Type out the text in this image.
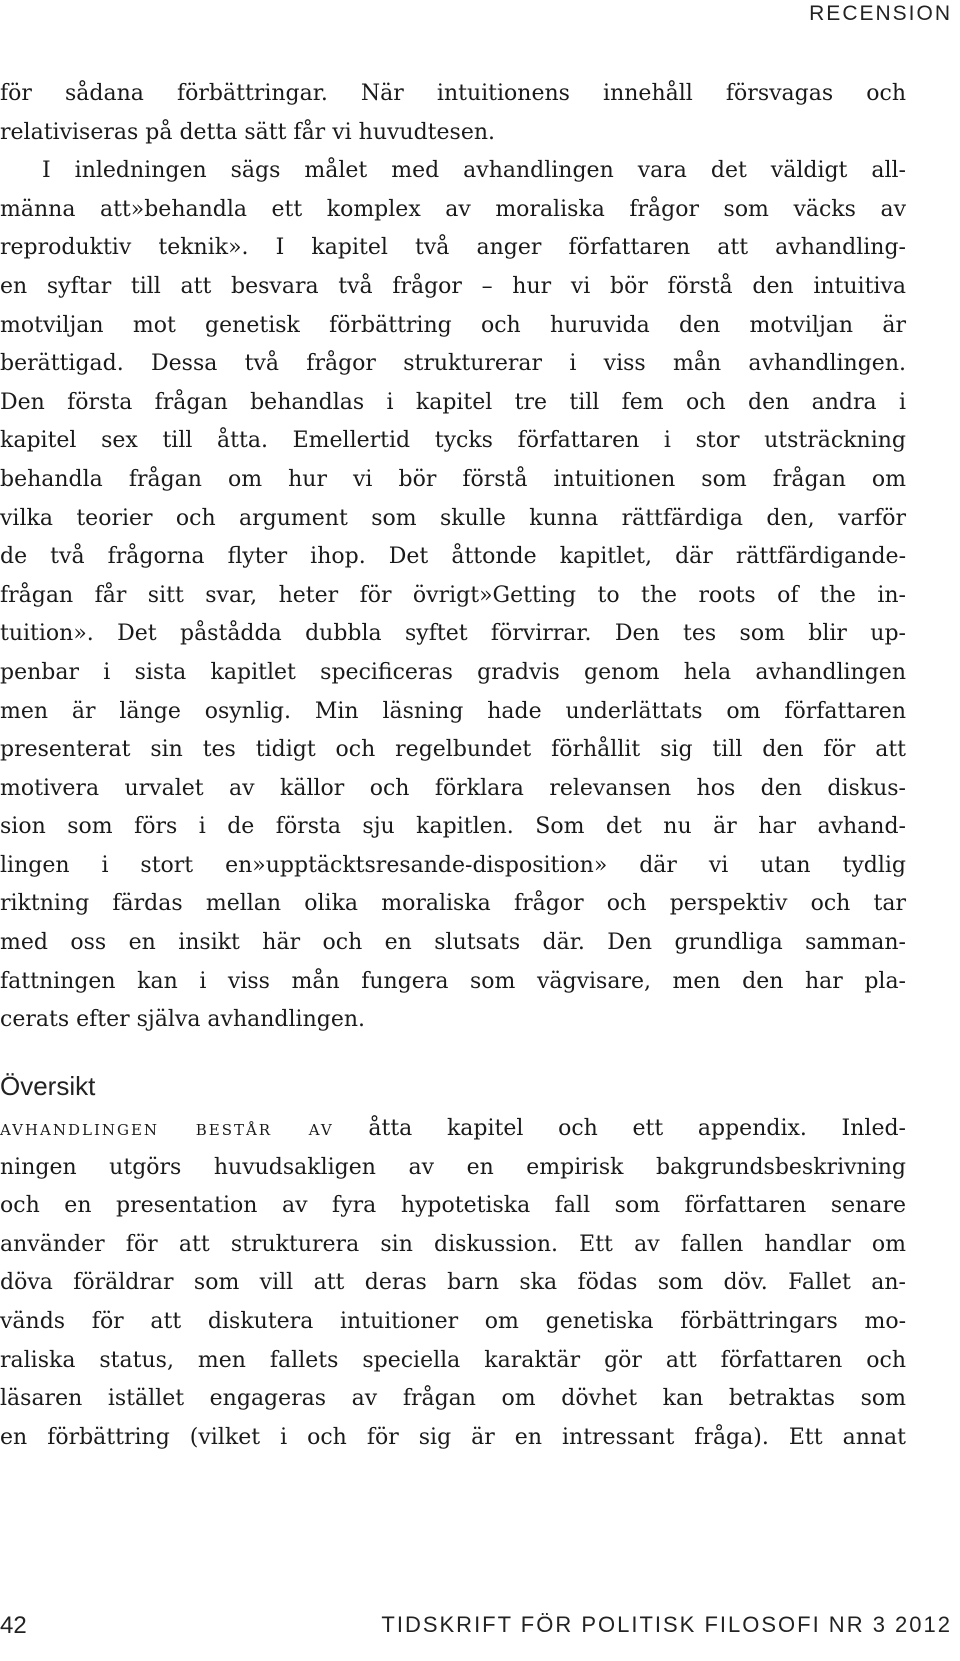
RECENSION
för sådana förbättringar. När intuitionens innehåll försvagas och
relativiseras på detta sätt får vi huvudtesen.
I inledningen sägs målet med avhandlingen vara det väldigt all-
männa att»behandla ett komplex av moraliska frågor som väcks av
reproduktiv teknik». I kapitel två anger författaren att avhandling-
en syftar till att besvara två frågor – hur vi bör förstå den intuitiva
motviljan mot genetisk förbättring och huruvida den motviljan är
berättigad. Dessa två frågor strukturerar i viss mån avhandlingen.
Den första frågan behandlas i kapitel tre till fem och den andra i
kapitel sex till åtta. Emellertid tycks författaren i stor utsträckning
behandla frågan om hur vi bör förstå intuitionen som frågan om
vilka teorier och argument som skulle kunna rättfärdiga den, varför
de två frågorna flyter ihop. Det åttonde kapitlet, där rättfärdigande-
frågan får sitt svar, heter för övrigt»Getting to the roots of the in-
tuition». Det påstådda dubbla syftet förvirrar. Den tes som blir up-
penbar i sista kapitlet specificeras gradvis genom hela avhandlingen
men är länge osynlig. Min läsning hade underlättats om författaren
presenterat sin tes tidigt och regelbundet förhållit sig till den för att
motivera urvalet av källor och förklara relevansen hos den diskus-
sion som förs i de första sju kapitlen. Som det nu är har avhand-
lingen i stort en»upptäcktsresande-disposition» där vi utan tydlig
riktning färdas mellan olika moraliska frågor och perspektiv och tar
med oss en insikt här och en slutsats där. Den grundliga samman-
fattningen kan i viss mån fungera som vägvisare, men den har pla-
cerats efter själva avhandlingen.
Översikt
avhandlingen består av åtta kapitel och ett appendix. Inled-
ningen utgörs huvudsakligen av en empirisk bakgrundsbeskrivning
och en presentation av fyra hypotetiska fall som författaren senare
använder för att strukturera sin diskussion. Ett av fallen handlar om
döva föräldrar som vill att deras barn ska födas som döv. Fallet an-
vänds för att diskutera intuitioner om genetiska förbättringars mo-
raliska status, men fallets speciella karaktär gör att författaren och
läsaren istället engageras av frågan om dövhet kan betraktas som
en förbättring (vilket i och för sig är en intressant fråga). Ett annat
42	TIDSKRIFT FÖR POLITISK FILOSOFI NR 3 2012
